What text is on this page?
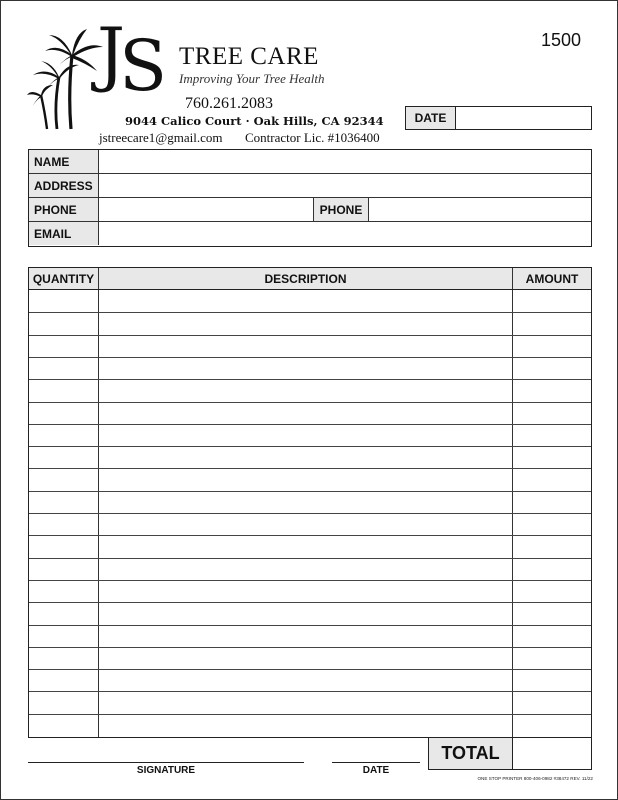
1500
JS TREE CARE
Improving Your Tree Health
760.261.2083
9044 Calico Court · Oak Hills, CA 92344
jstreecare1@gmail.com Contractor Lic. #1036400
DATE
NAME
ADDRESS
PHONE	PHONE
EMAIL
QUANTITY	DESCRIPTION	AMOUNT
TOTAL
SIGNATURE	DATE
ONE STOP PRINTER 800-406-0982 #38472 REV. 11/22
